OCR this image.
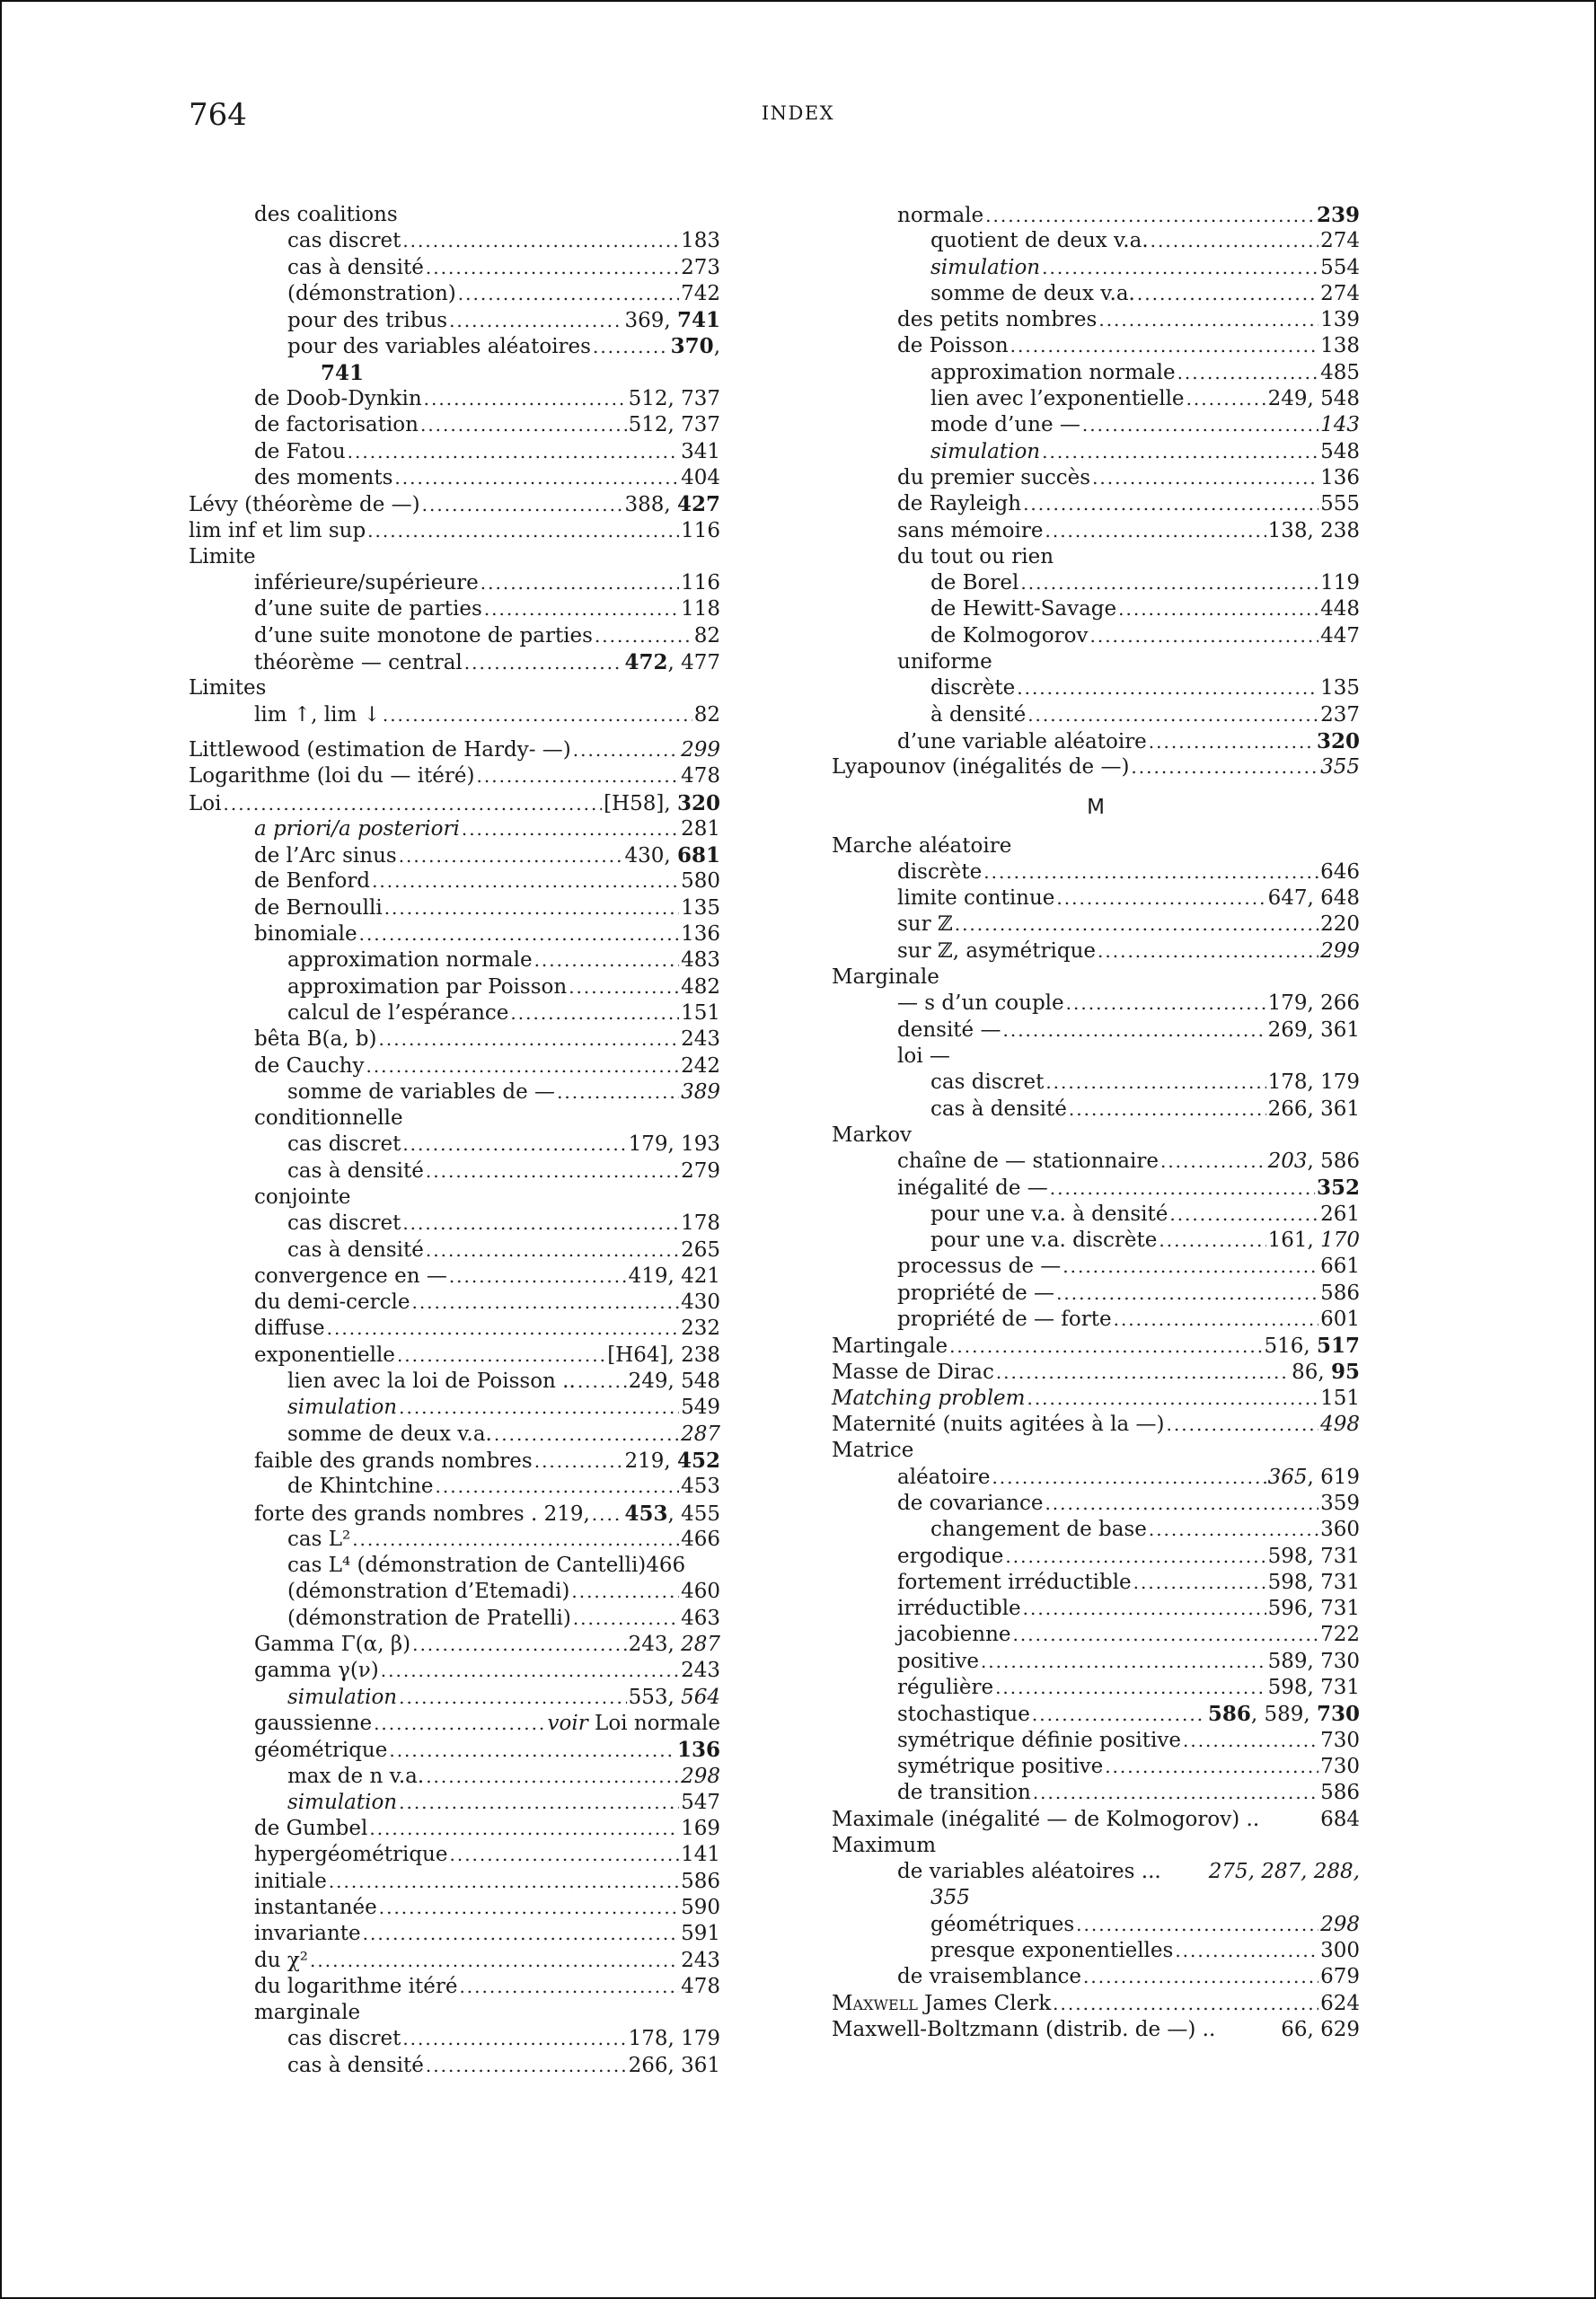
764	INDEX
des coalitions
cas discret .....	183
cas à densité .....	273
(démonstration) .....	742
pour des tribus .....	369, 741
pour des variables aléatoires .....	370,
741
de Doob-Dynkin .....	512, 737
de factorisation .....	512, 737
de Fatou .....	341
des moments .....	404
Lévy (théorème de —) .....	388, 427
lim inf et lim sup .....	116
Limite
inférieure/supérieure .....	116
d’une suite de parties .....	118
d’une suite monotone de parties .....	82
théorème — central .....	472, 477
Limites
lim ↑, lim ↓ .....	82
Littlewood (estimation de Hardy- —) .....	299
Logarithme (loi du — itéré) .....	478
Loi .....	[H58], 320
a priori/a posteriori .....	281
de l’Arc sinus .....	430, 681
de Benford .....	580
de Bernoulli .....	135
binomiale .....	136
approximation normale .....	483
approximation par Poisson .....	482
calcul de l’espérance .....	151
bêta B(a, b) .....	243
de Cauchy .....	242
somme de variables de — .....	389
conditionnelle
cas discret .....	179, 193
cas à densité .....	279
conjointe
cas discret .....	178
cas à densité .....	265
convergence en — .....	419, 421
du demi-cercle .....	430
diffuse .....	232
exponentielle .....	[H64], 238
lien avec la loi de Poisson .. .....	249, 548
simulation .....	549
somme de deux v.a. .....	287
faible des grands nombres .....	219, 452
de Khintchine .....	453
forte des grands nombres . 219, ..... 453, 455
cas L² .....	466
cas L⁴ (démonstration de Cantelli)466
(démonstration d’Etemadi) .....	460
(démonstration de Pratelli) .....	463
Gamma Γ(α, β) .....	243, 287
gamma γ(ν) .....	243
simulation .....	553, 564
gaussienne .....	voir Loi normale
géométrique .....	136
max de n v.a. .....	298
simulation .....	547
de Gumbel .....	169
hypergéométrique .....	141
initiale .....	586
instantanée .....	590
invariante .....	591
du χ² .....	243
du logarithme itéré .....	478
marginale
cas discret .....	178, 179
cas à densité .....	266, 361
normale .....	239
quotient de deux v.a. .....	274
simulation .....	554
somme de deux v.a. .....	274
des petits nombres .....	139
de Poisson .....	138
approximation normale .....	485
lien avec l’exponentielle .....	249, 548
mode d’une — .....	143
simulation .....	548
du premier succès .....	136
de Rayleigh .....	555
sans mémoire .....	138, 238
du tout ou rien
de Borel .....	119
de Hewitt-Savage .....	448
de Kolmogorov .....	447
uniforme
discrète .....	135
à densité .....	237
d’une variable aléatoire .....	320
Lyapounov (inégalités de —) .....	355
M
Marche aléatoire
discrète .....	646
limite continue .....	647, 648
sur ℤ .....	220
sur ℤ, asymétrique .....	299
Marginale
— s d’un couple .....	179, 266
densité — .....	269, 361
loi —
cas discret .....	178, 179
cas à densité .....	266, 361
Markov
chaîne de — stationnaire .....	203, 586
inégalité de — .....	352
pour une v.a. à densité .....	261
pour une v.a. discrète .....	161, 170
processus de — .....	661
propriété de — .....	586
propriété de — forte .....	601
Martingale .....	516, 517
Masse de Dirac .....	86, 95
Matching problem .....	151
Maternité (nuits agitées à la —) .....	498
Matrice
aléatoire .....	365, 619
de covariance .....	359
changement de base .....	360
ergodique .....	598, 731
fortement irréductible .....	598, 731
irréductible .....	596, 731
jacobienne .....	722
positive .....	589, 730
régulière .....	598, 731
stochastique .....	586, 589, 730
symétrique définie positive .....	730
symétrique positive .....	730
de transition .....	586
Maximale (inégalité — de Kolmogorov) ..	684
Maximum
de variables aléatoires ... 275, 287, 288,
355
géométriques .....	298
presque exponentielles .....	300
de vraisemblance .....	679
Maxwell James Clerk .....	624
Maxwell-Boltzmann (distrib. de —) ..	66, 629
